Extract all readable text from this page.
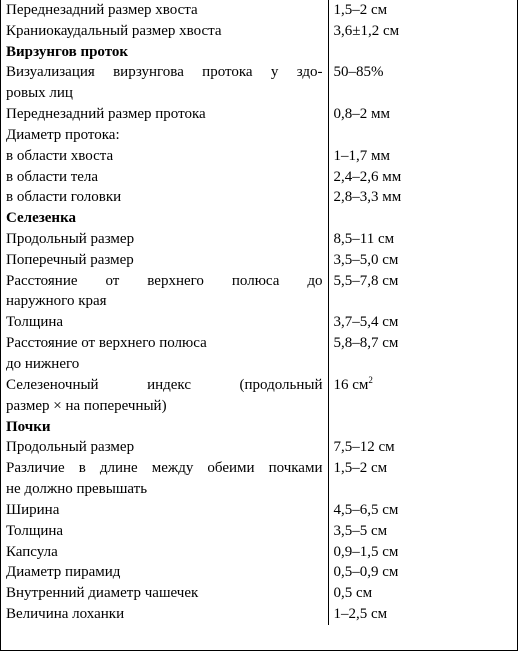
Переднезадний размер хвоста	1,5–2 см
Краниокаудальный размер хвоста	3,6±1,2 см
Вирзунгов проток	

Визуализация вирзунгова протока у здо-
ровых лиц	50–85%
Переднезадний размер протока	0,8–2 мм
Диаметр протока:	
в области хвоста	1–1,7 мм
в области тела	2,4–2,6 мм
в области головки	2,8–3,3 мм
Селезенка	
Продольный размер	8,5–11 см
Поперечный размер	3,5–5,0 см

Расстояние от верхнего полюса до
наружного края	5,5–7,8 см
Толщина	3,7–5,4 см

Расстояние от верхнего полюса
до нижнего	5,8–8,7 см

Селезеночный индекс (продольный
размер × на поперечный)	16 $см^2$
Почки	
Продольный размер	7,5–12 см

Различие в длине между обеими почками
не должно превышать	1,5–2 см
Ширина	4,5–6,5 см
Толщина	3,5–5 см
Капсула	0,9–1,5 см
Диаметр пирамид	0,5–0,9 см
Внутренний диаметр чашечек	0,5 см
Величина лоханки	1–2,5 см
